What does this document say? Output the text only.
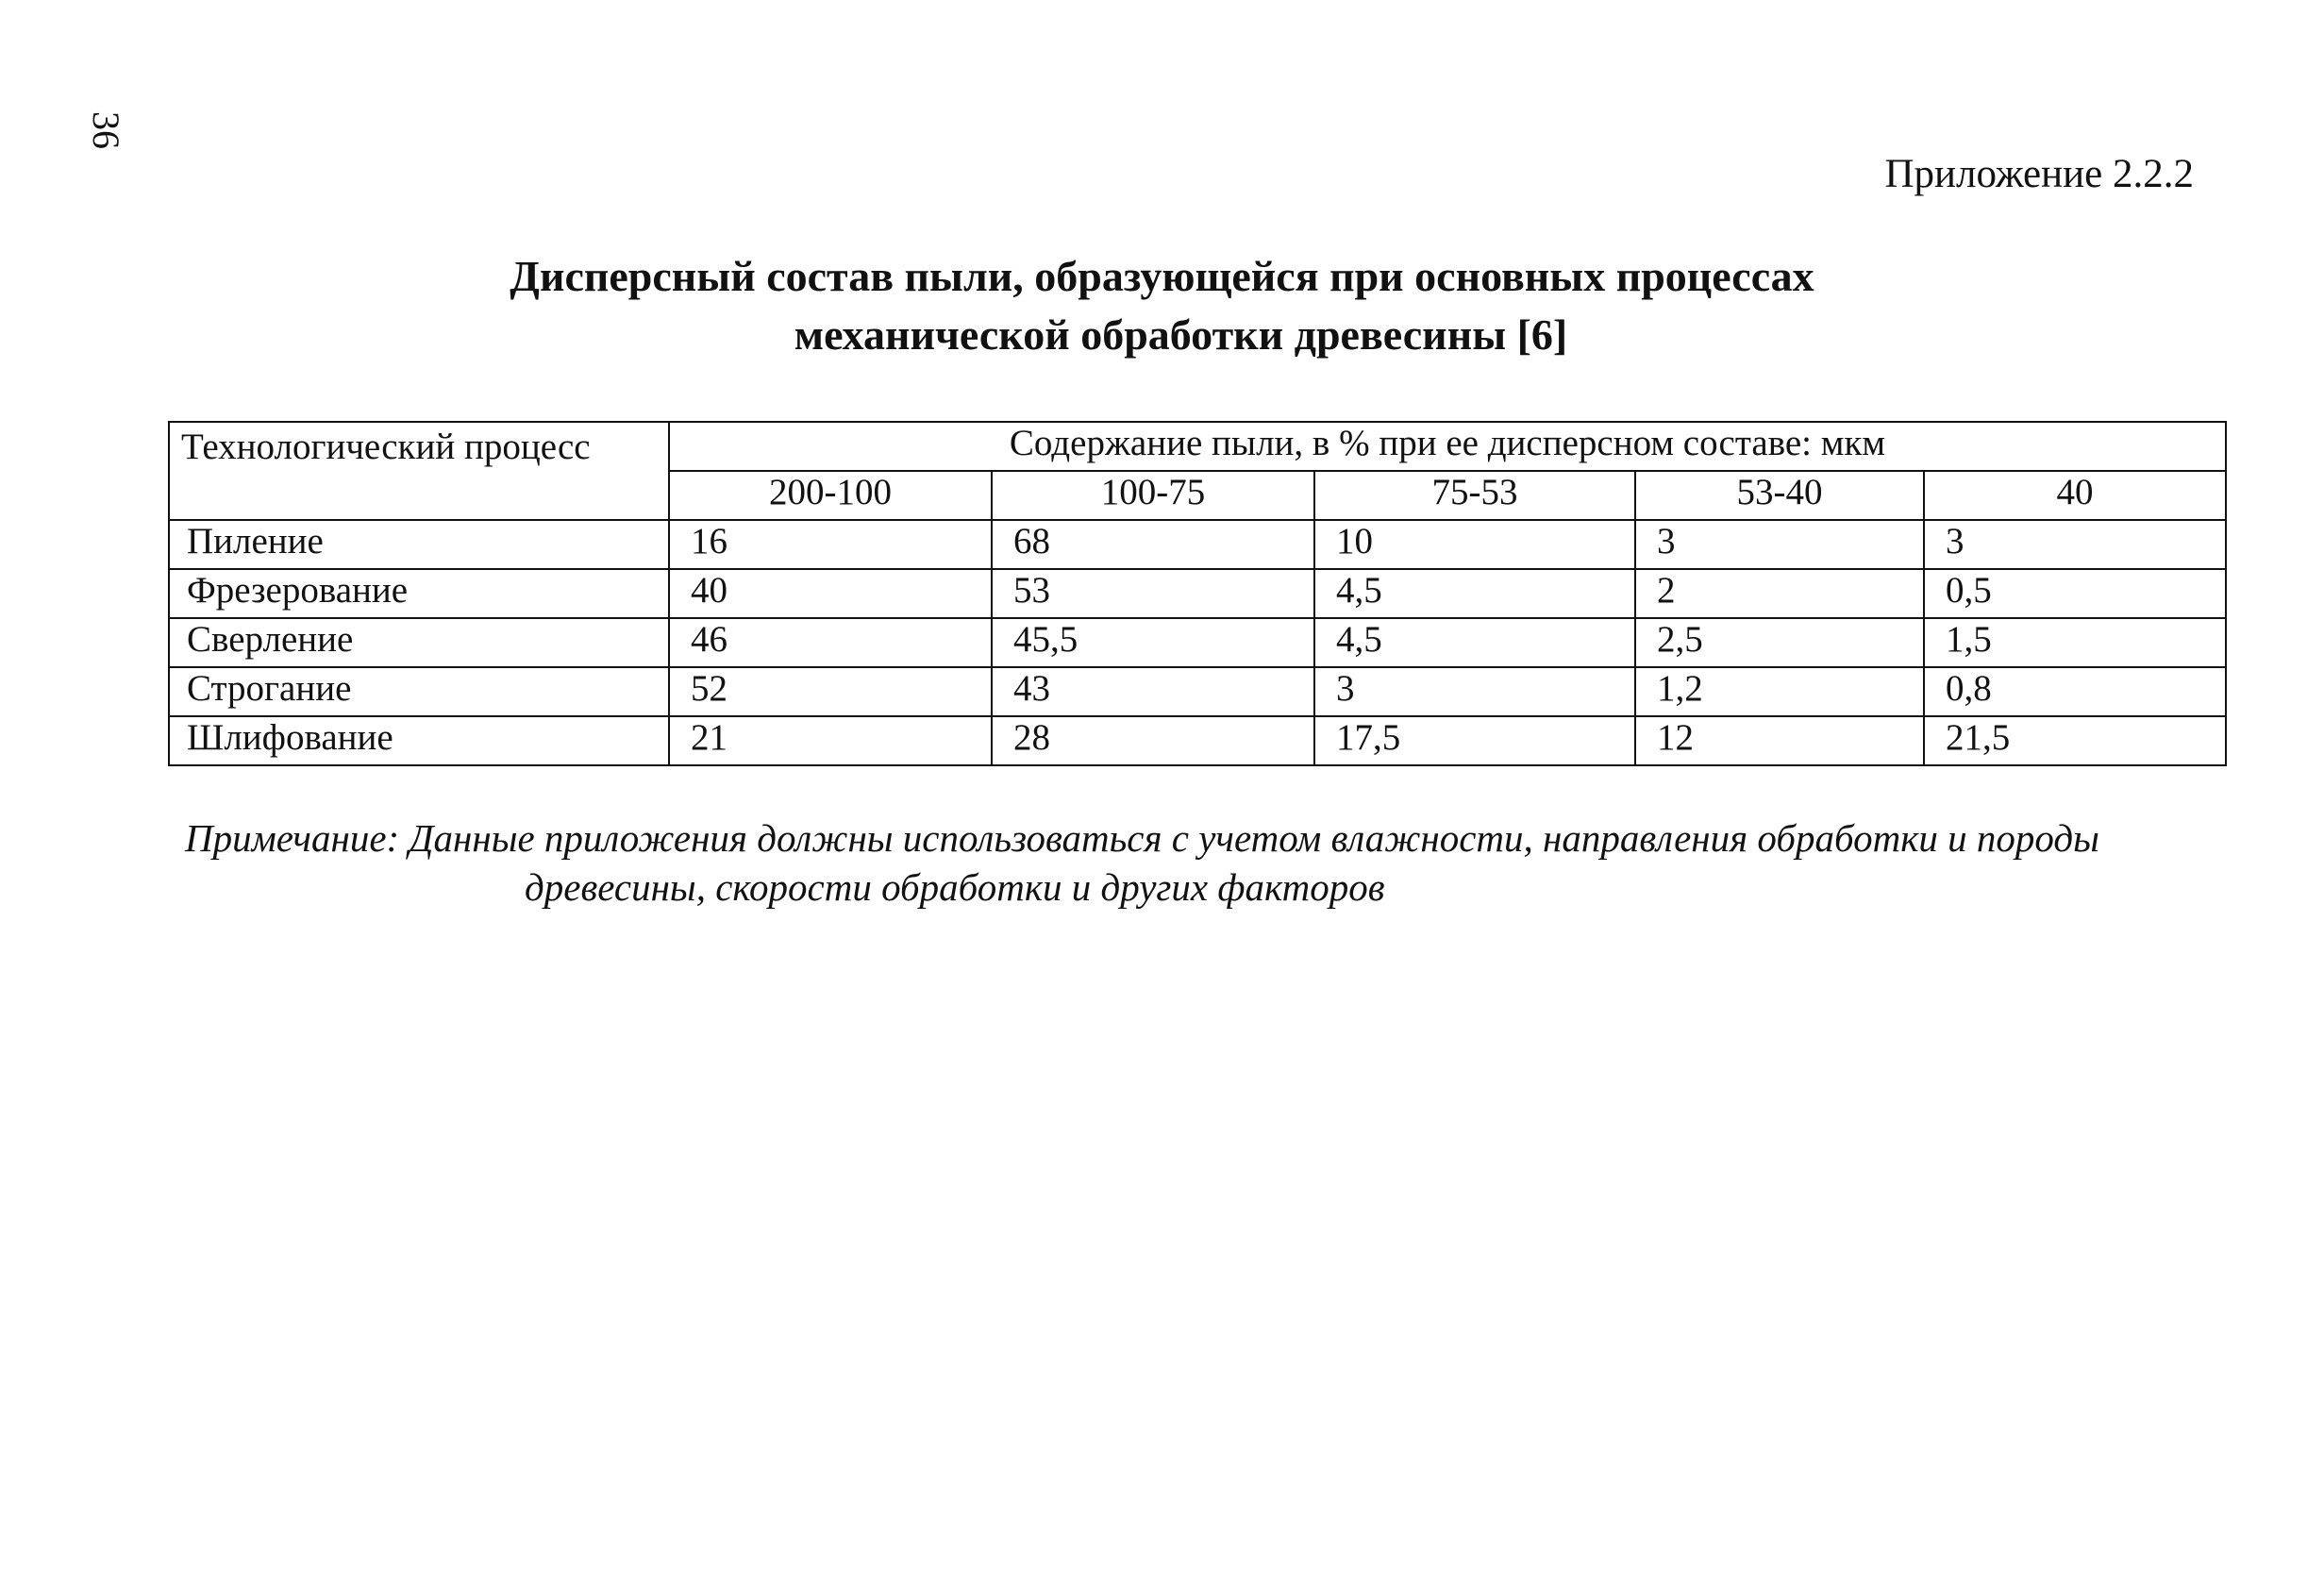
36
Приложение 2.2.2
Дисперсный состав пыли, образующейся при основных процессах
механической обработки древесины [6]
Технологический процесс	Содержание пыли, в % при ее дисперсном составе: мкм				
	200-100	100-75	75-53	53-40	40
Пиление	16	68	10	3	3
Фрезерование	40	53	4,5	2	0,5
Сверление	46	45,5	4,5	2,5	1,5
Строгание	52	43	3	1,2	0,8
Шлифование	21	28	17,5	12	21,5
Примечание: Данные приложения должны использоваться с учетом влажности, направления обработки и породы
древесины, скорости обработки и других факторов
